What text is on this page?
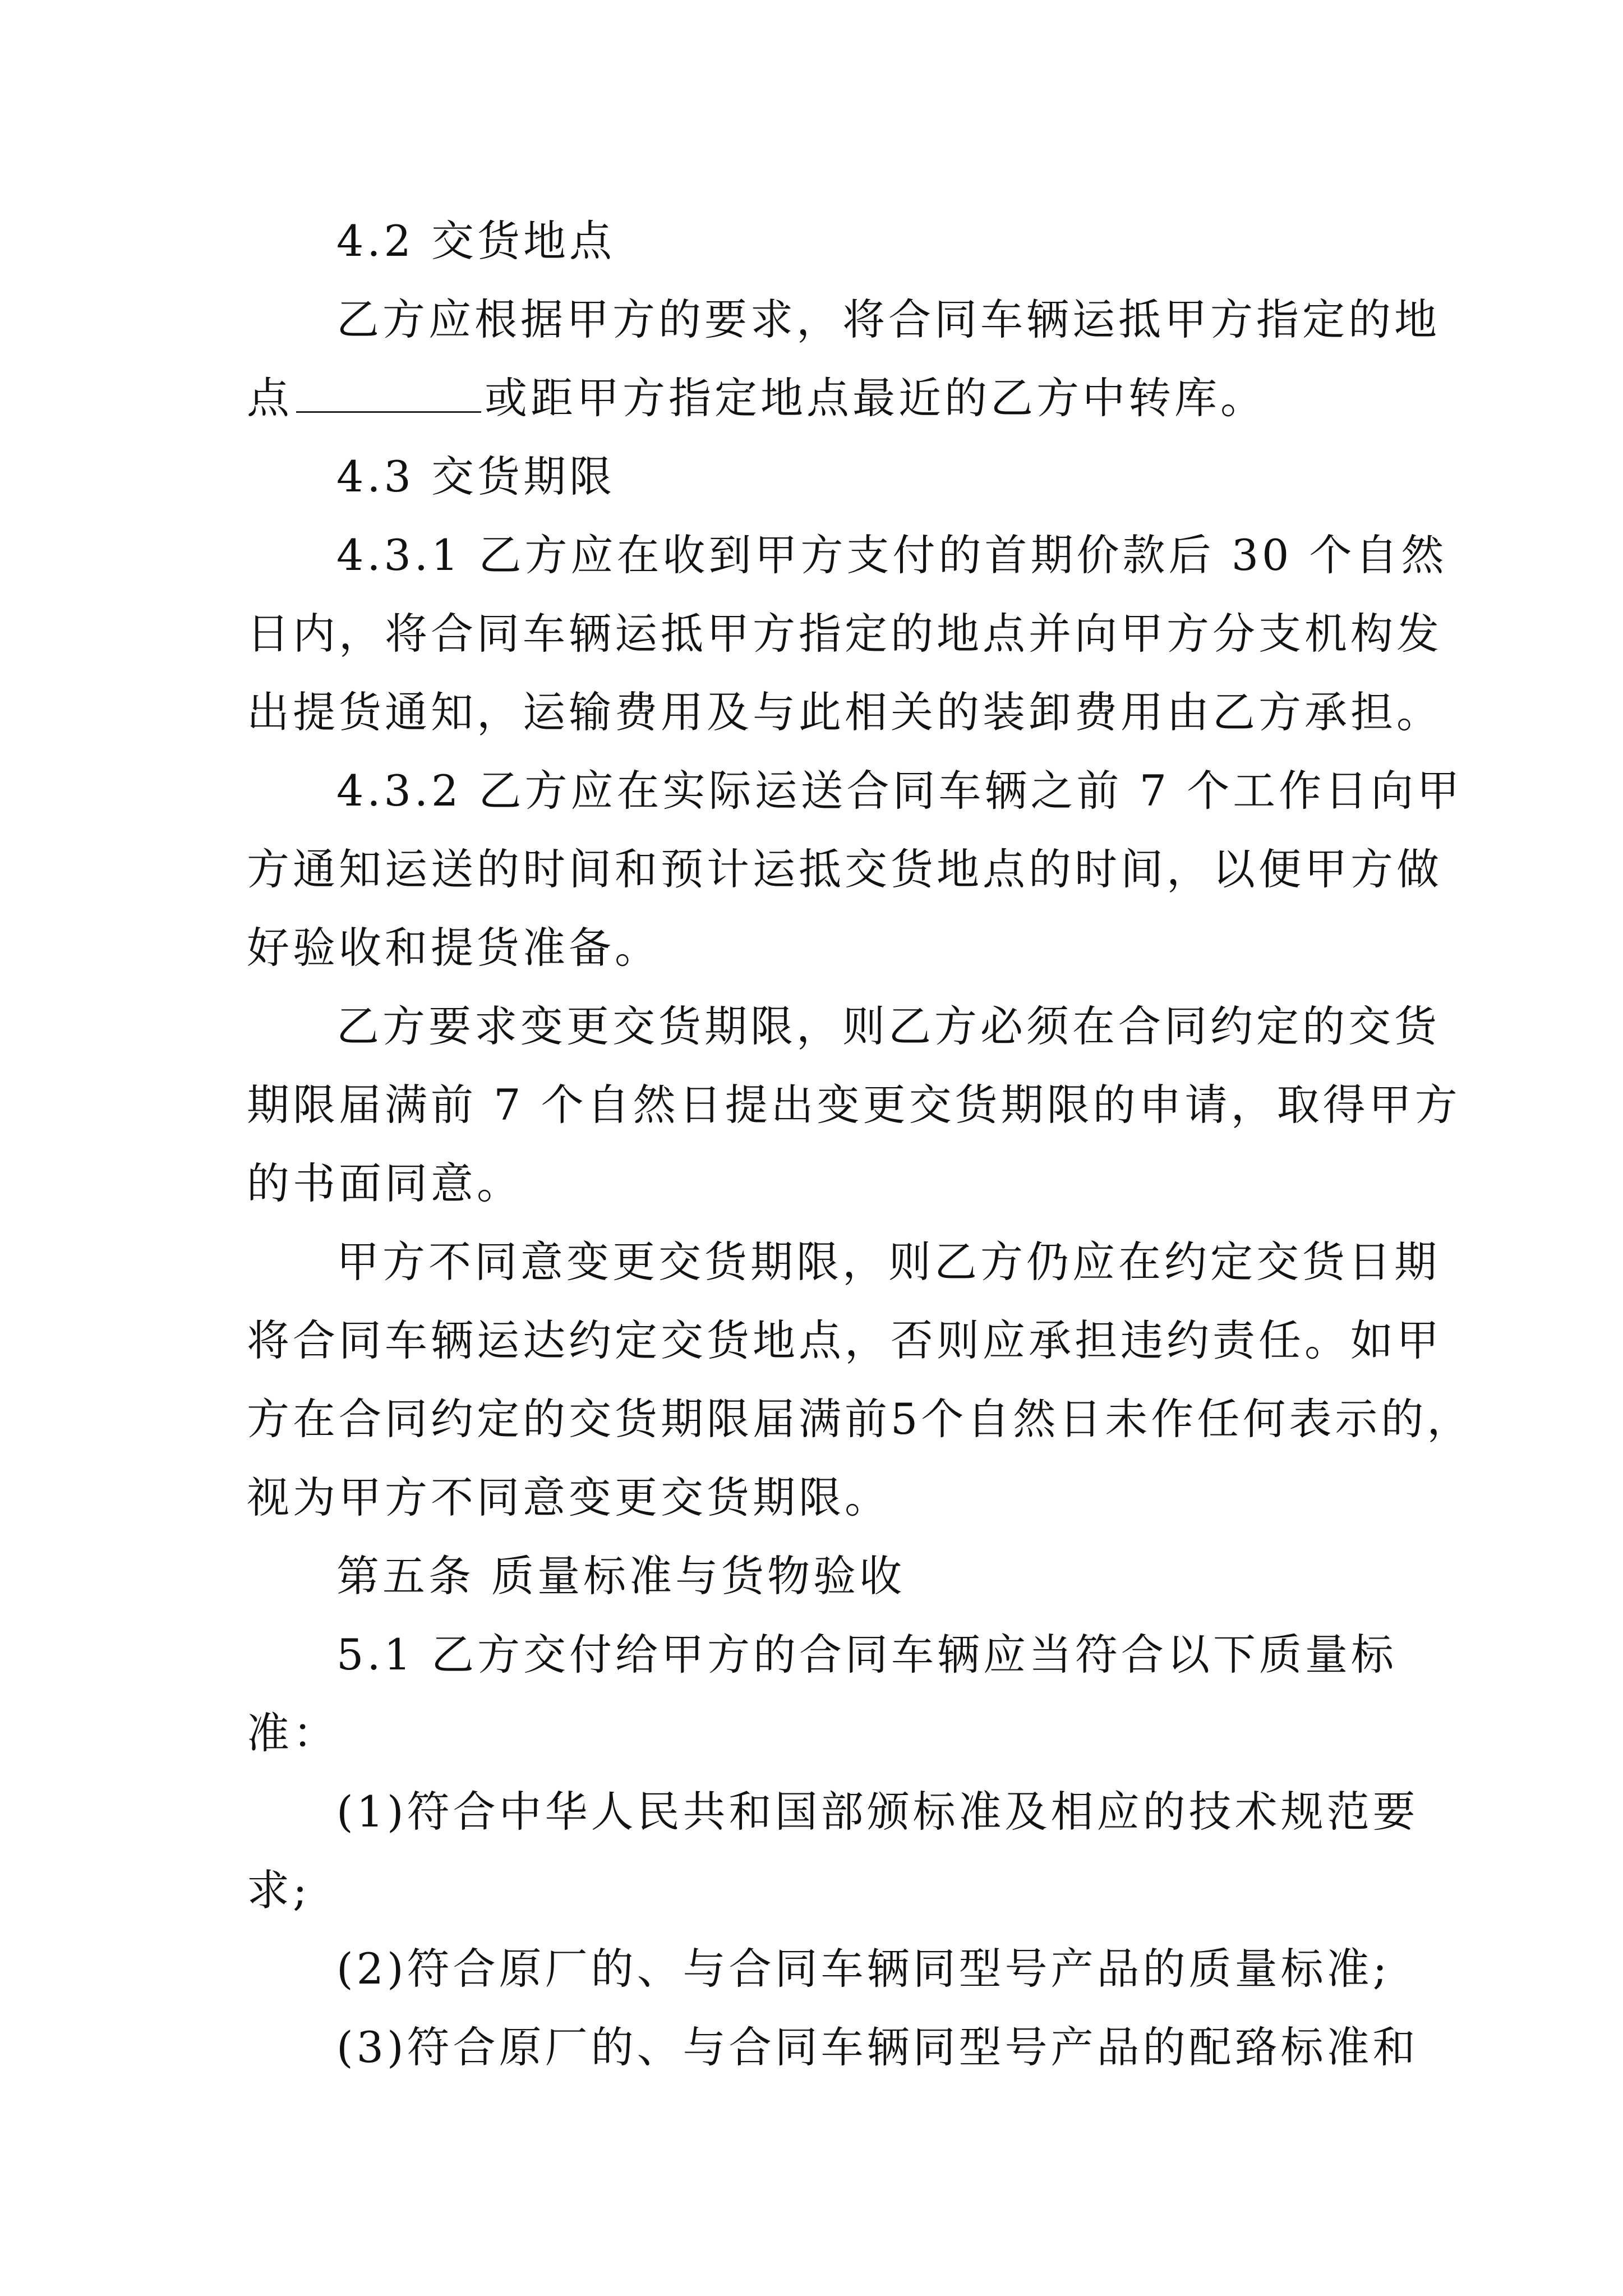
4.2 交货地点
乙方应根据甲方的要求，将合同车辆运抵甲方指定的地
点	或距甲方指定地点最近的乙方中转库。
4.3 交货期限
4.3.1 乙方应在收到甲方支付的首期价款后 30 个自然
日内，将合同车辆运抵甲方指定的地点并向甲方分支机构发
出提货通知，运输费用及与此相关的装卸费用由乙方承担。
4.3.2 乙方应在实际运送合同车辆之前 7 个工作日向甲
方通知运送的时间和预计运抵交货地点的时间，以便甲方做
好验收和提货准备。
乙方要求变更交货期限，则乙方必须在合同约定的交货
期限届满前 7 个自然日提出变更交货期限的申请，取得甲方
的书面同意。
甲方不同意变更交货期限，则乙方仍应在约定交货日期
将合同车辆运达约定交货地点，否则应承担违约责任。如甲
方在合同约定的交货期限届满前5个自然日未作任何表示的，
视为甲方不同意变更交货期限。
第五条 质量标准与货物验收
5.1 乙方交付给甲方的合同车辆应当符合以下质量标
准：
(1)符合中华人民共和国部颁标准及相应的技术规范要
求;
(2)符合原厂的、与合同车辆同型号产品的质量标准;
(3)符合原厂的、与合同车辆同型号产品的配臵标准和
